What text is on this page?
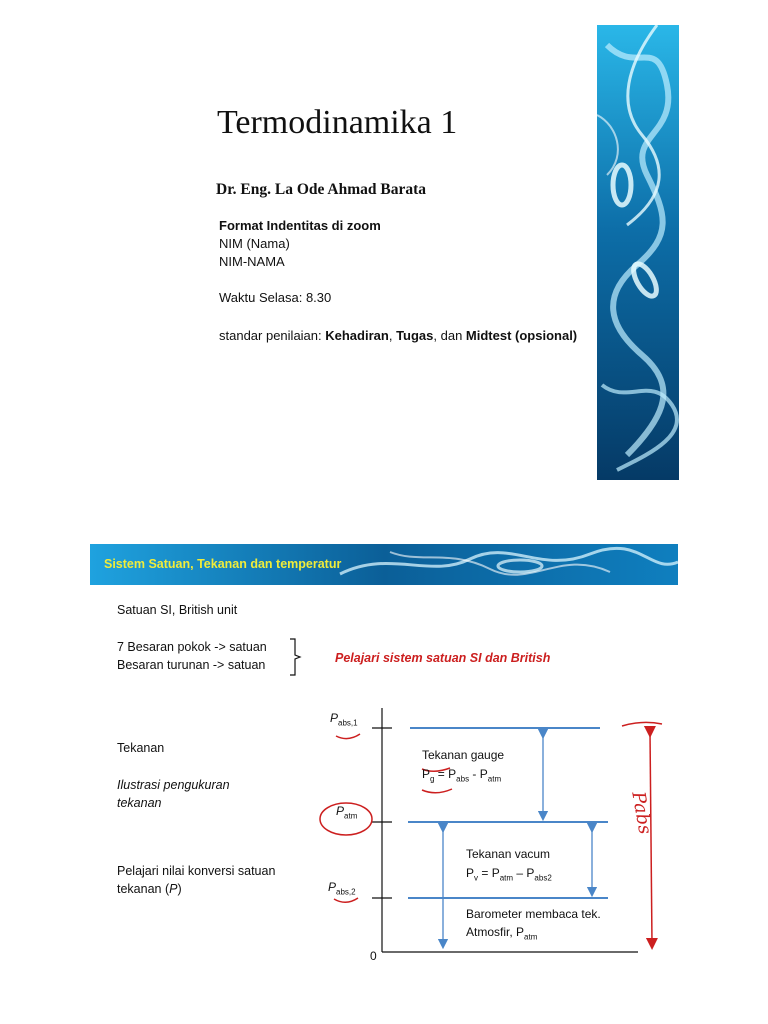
Termodinamika 1
Dr. Eng. La Ode Ahmad Barata
Format Indentitas di zoom
NIM (Nama)
NIM-NAMA
Waktu Selasa: 8.30
standar penilaian: Kehadiran, Tugas, dan Midtest (opsional)
Sistem Satuan, Tekanan dan temperatur
Satuan SI, British unit
7 Besaran pokok -> satuan
Besaran turunan -> satuan	Pelajari sistem satuan SI dan British
Tekanan
Ilustrasi pengukuran
tekanan
Pelajari nilai konversi satuan
tekanan (P)
$P_{abs,1}$
$P_{atm}$
$P_{abs,2}$
Tekanan gauge
$P_g = P_{abs} - P_{atm}$
Tekanan vacum
$P_v = P_{atm} - P_{abs2}$
Barometer membaca tek.
Atmosfir, $P_{atm}$
0
Pabs
